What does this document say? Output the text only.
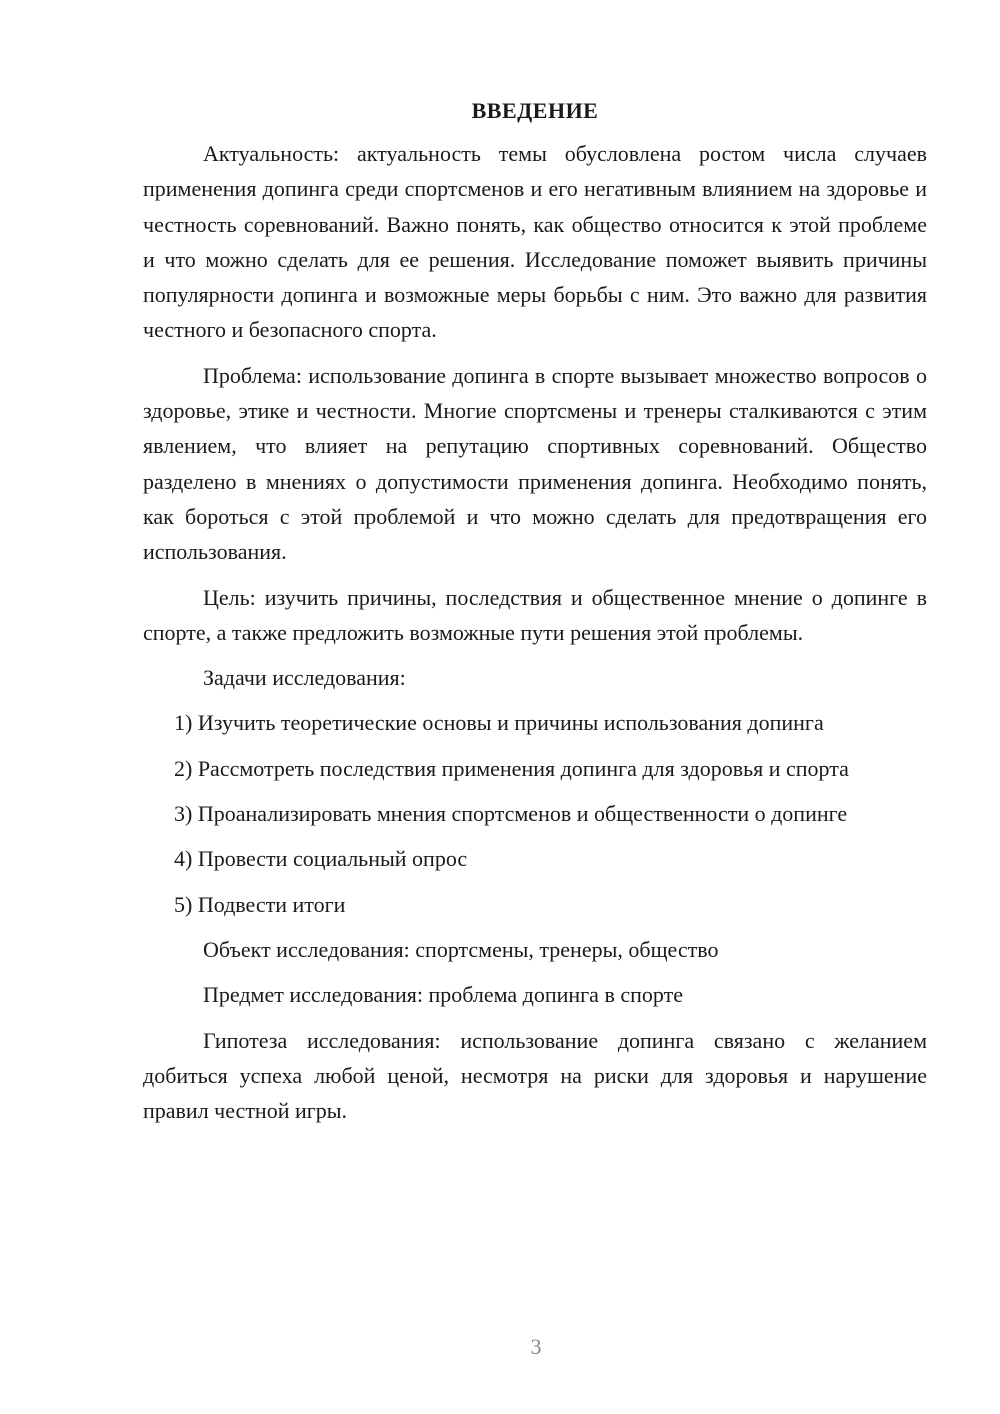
ВВЕДЕНИЕ

Актуальность: актуальность темы обусловлена ростом числа случаев применения допинга среди спортсменов и его негативным влиянием на здоровье и честность соревнований. Важно понять, как общество относится к этой проблеме и что можно сделать для ее решения. Исследование поможет выявить причины популярности допинга и возможные меры борьбы с ним. Это важно для развития честного и безопасного спорта.

Проблема: использование допинга в спорте вызывает множество вопросов о здоровье, этике и честности. Многие спортсмены и тренеры сталкиваются с этим явлением, что влияет на репутацию спортивных соревнований. Общество разделено в мнениях о допустимости применения допинга. Необходимо понять, как бороться с этой проблемой и что можно сделать для предотвращения его использования.

Цель: изучить причины, последствия и общественное мнение о допинге в спорте, а также предложить возможные пути решения этой проблемы.

Задачи исследования:

1) Изучить теоретические основы и причины использования допинга

2) Рассмотреть последствия применения допинга для здоровья и спорта

3) Проанализировать мнения спортсменов и общественности о допинге

4) Провести социальный опрос

5) Подвести итоги

Объект исследования: спортсмены, тренеры, общество

Предмет исследования: проблема допинга в спорте

Гипотеза исследования: использование допинга связано с желанием добиться успеха любой ценой, несмотря на риски для здоровья и нарушение правил честной игры.

3
